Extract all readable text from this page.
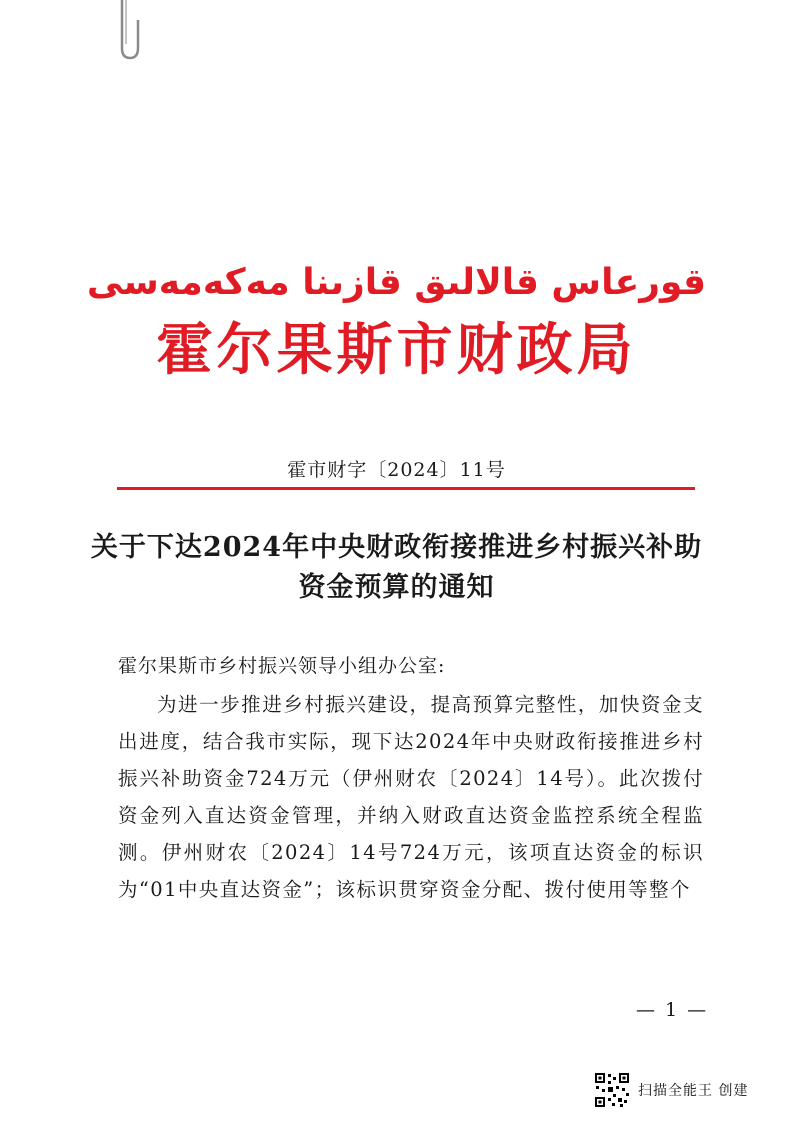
قورعاس قالالىق قازىنا مەكەمەسى
霍尔果斯市财政局
霍市财字〔2024〕11号
关于下达2024年中央财政衔接推进乡村振兴补助资金预算的通知
霍尔果斯市乡村振兴领导小组办公室:

为进一步推进乡村振兴建设，提高预算完整性，加快资金支出进度，结合我市实际，现下达2024年中央财政衔接推进乡村振兴补助资金724万元（伊州财农〔2024〕14号）。此次拨付资金列入直达资金管理，并纳入财政直达资金监控系统全程监测。伊州财农〔2024〕14号724万元，该项直达资金的标识为“01中央直达资金”；该标识贯穿资金分配、拨付使用等整个

— 1 —
扫描全能王 创建
